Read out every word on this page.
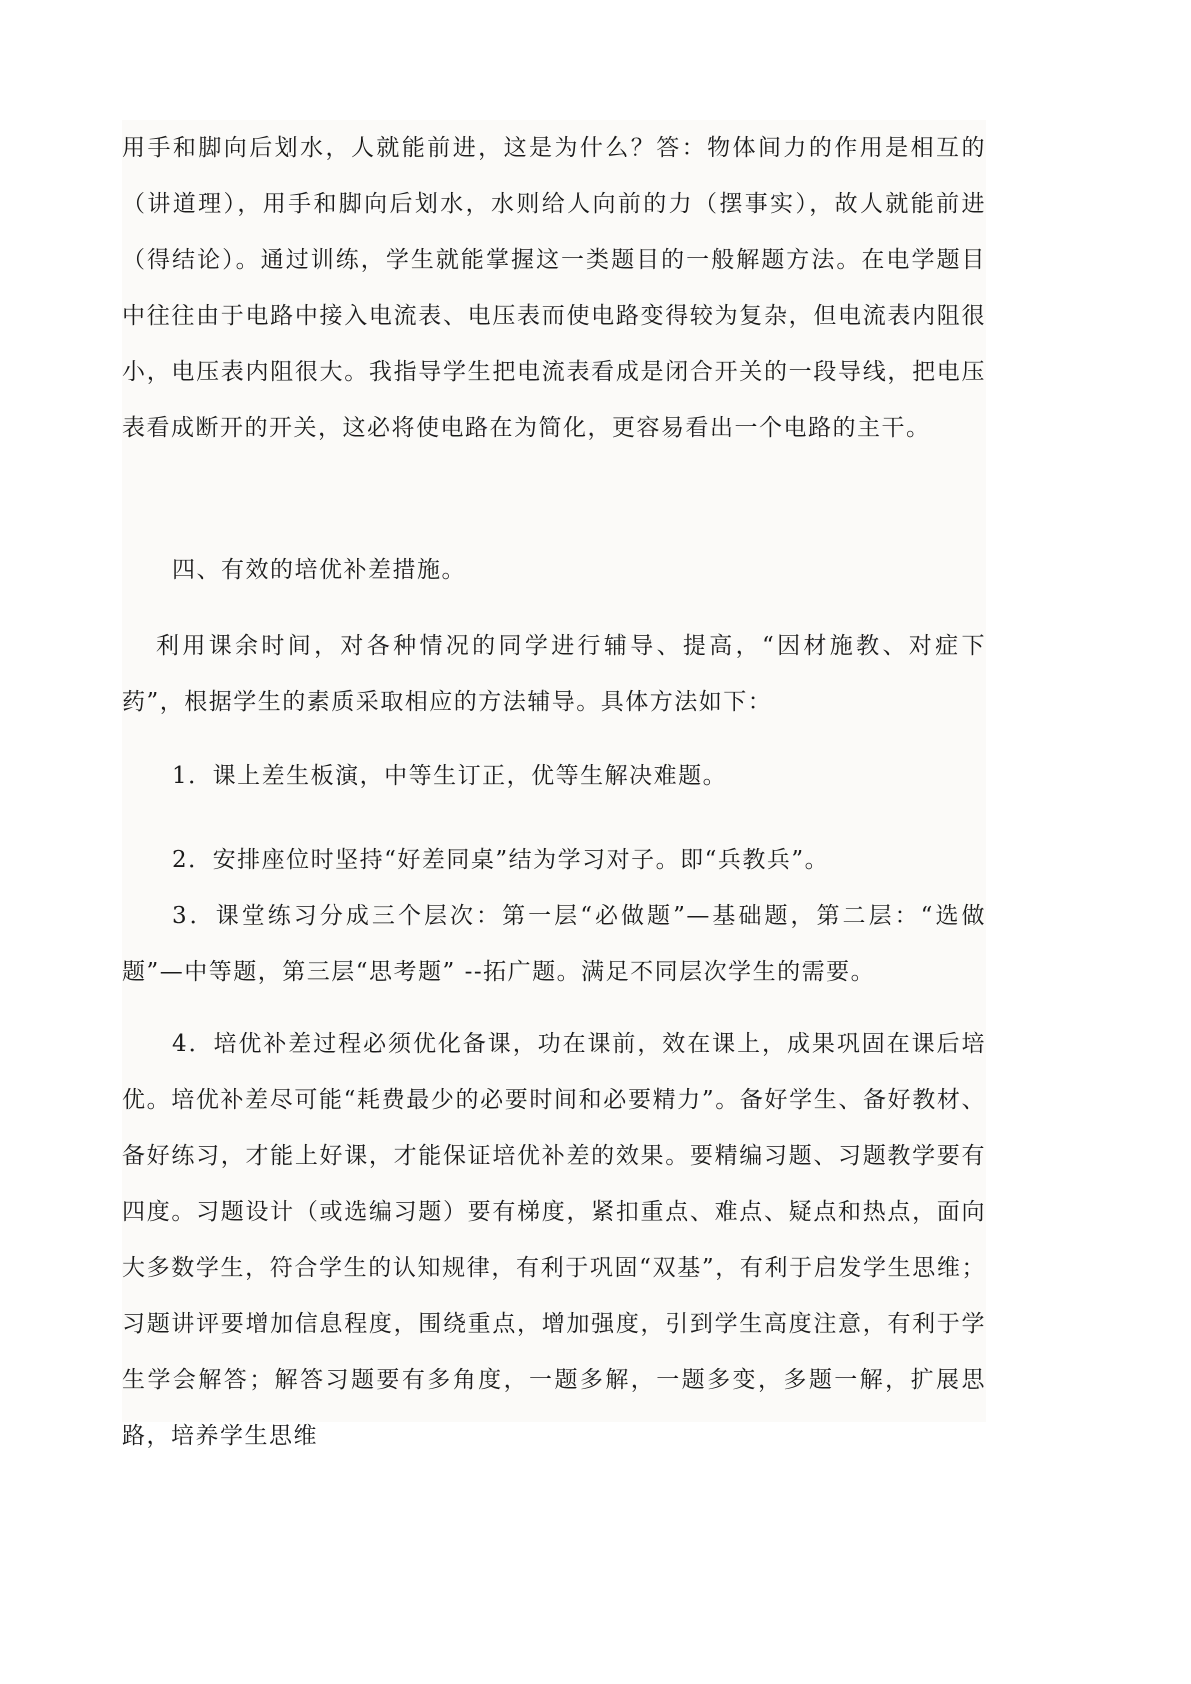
用手和脚向后划水，人就能前进，这是为什么？答：物体间力的作用是相互的（讲道理），用手和脚向后划水，水则给人向前的力（摆事实），故人就能前进（得结论）。通过训练，学生就能掌握这一类题目的一般解题方法。在电学题目中往往由于电路中接入电流表、电压表而使电路变得较为复杂，但电流表内阻很小，电压表内阻很大。我指导学生把电流表看成是闭合开关的一段导线，把电压表看成断开的开关，这必将使电路在为简化，更容易看出一个电路的主干。

四、有效的培优补差措施。

利用课余时间，对各种情况的同学进行辅导、提高，“因材施教、对症下药”，根据学生的素质采取相应的方法辅导。具体方法如下：

1．课上差生板演，中等生订正，优等生解决难题。

2．安排座位时坚持“好差同桌”结为学习对子。即“兵教兵”。

3．课堂练习分成三个层次：第一层“必做题”—基础题，第二层：“选做题”—中等题，第三层“思考题” --拓广题。满足不同层次学生的需要。

4．培优补差过程必须优化备课，功在课前，效在课上，成果巩固在课后培优。培优补差尽可能“耗费最少的必要时间和必要精力”。备好学生、备好教材、备好练习，才能上好课，才能保证培优补差的效果。要精编习题、习题教学要有四度。习题设计（或选编习题）要有梯度，紧扣重点、难点、疑点和热点，面向大多数学生，符合学生的认知规律，有利于巩固“双基”，有利于启发学生思维；习题讲评要增加信息程度，围绕重点，增加强度，引到学生高度注意，有利于学生学会解答；解答习题要有多角度，一题多解，一题多变，多题一解，扩展思路，培养学生思维
